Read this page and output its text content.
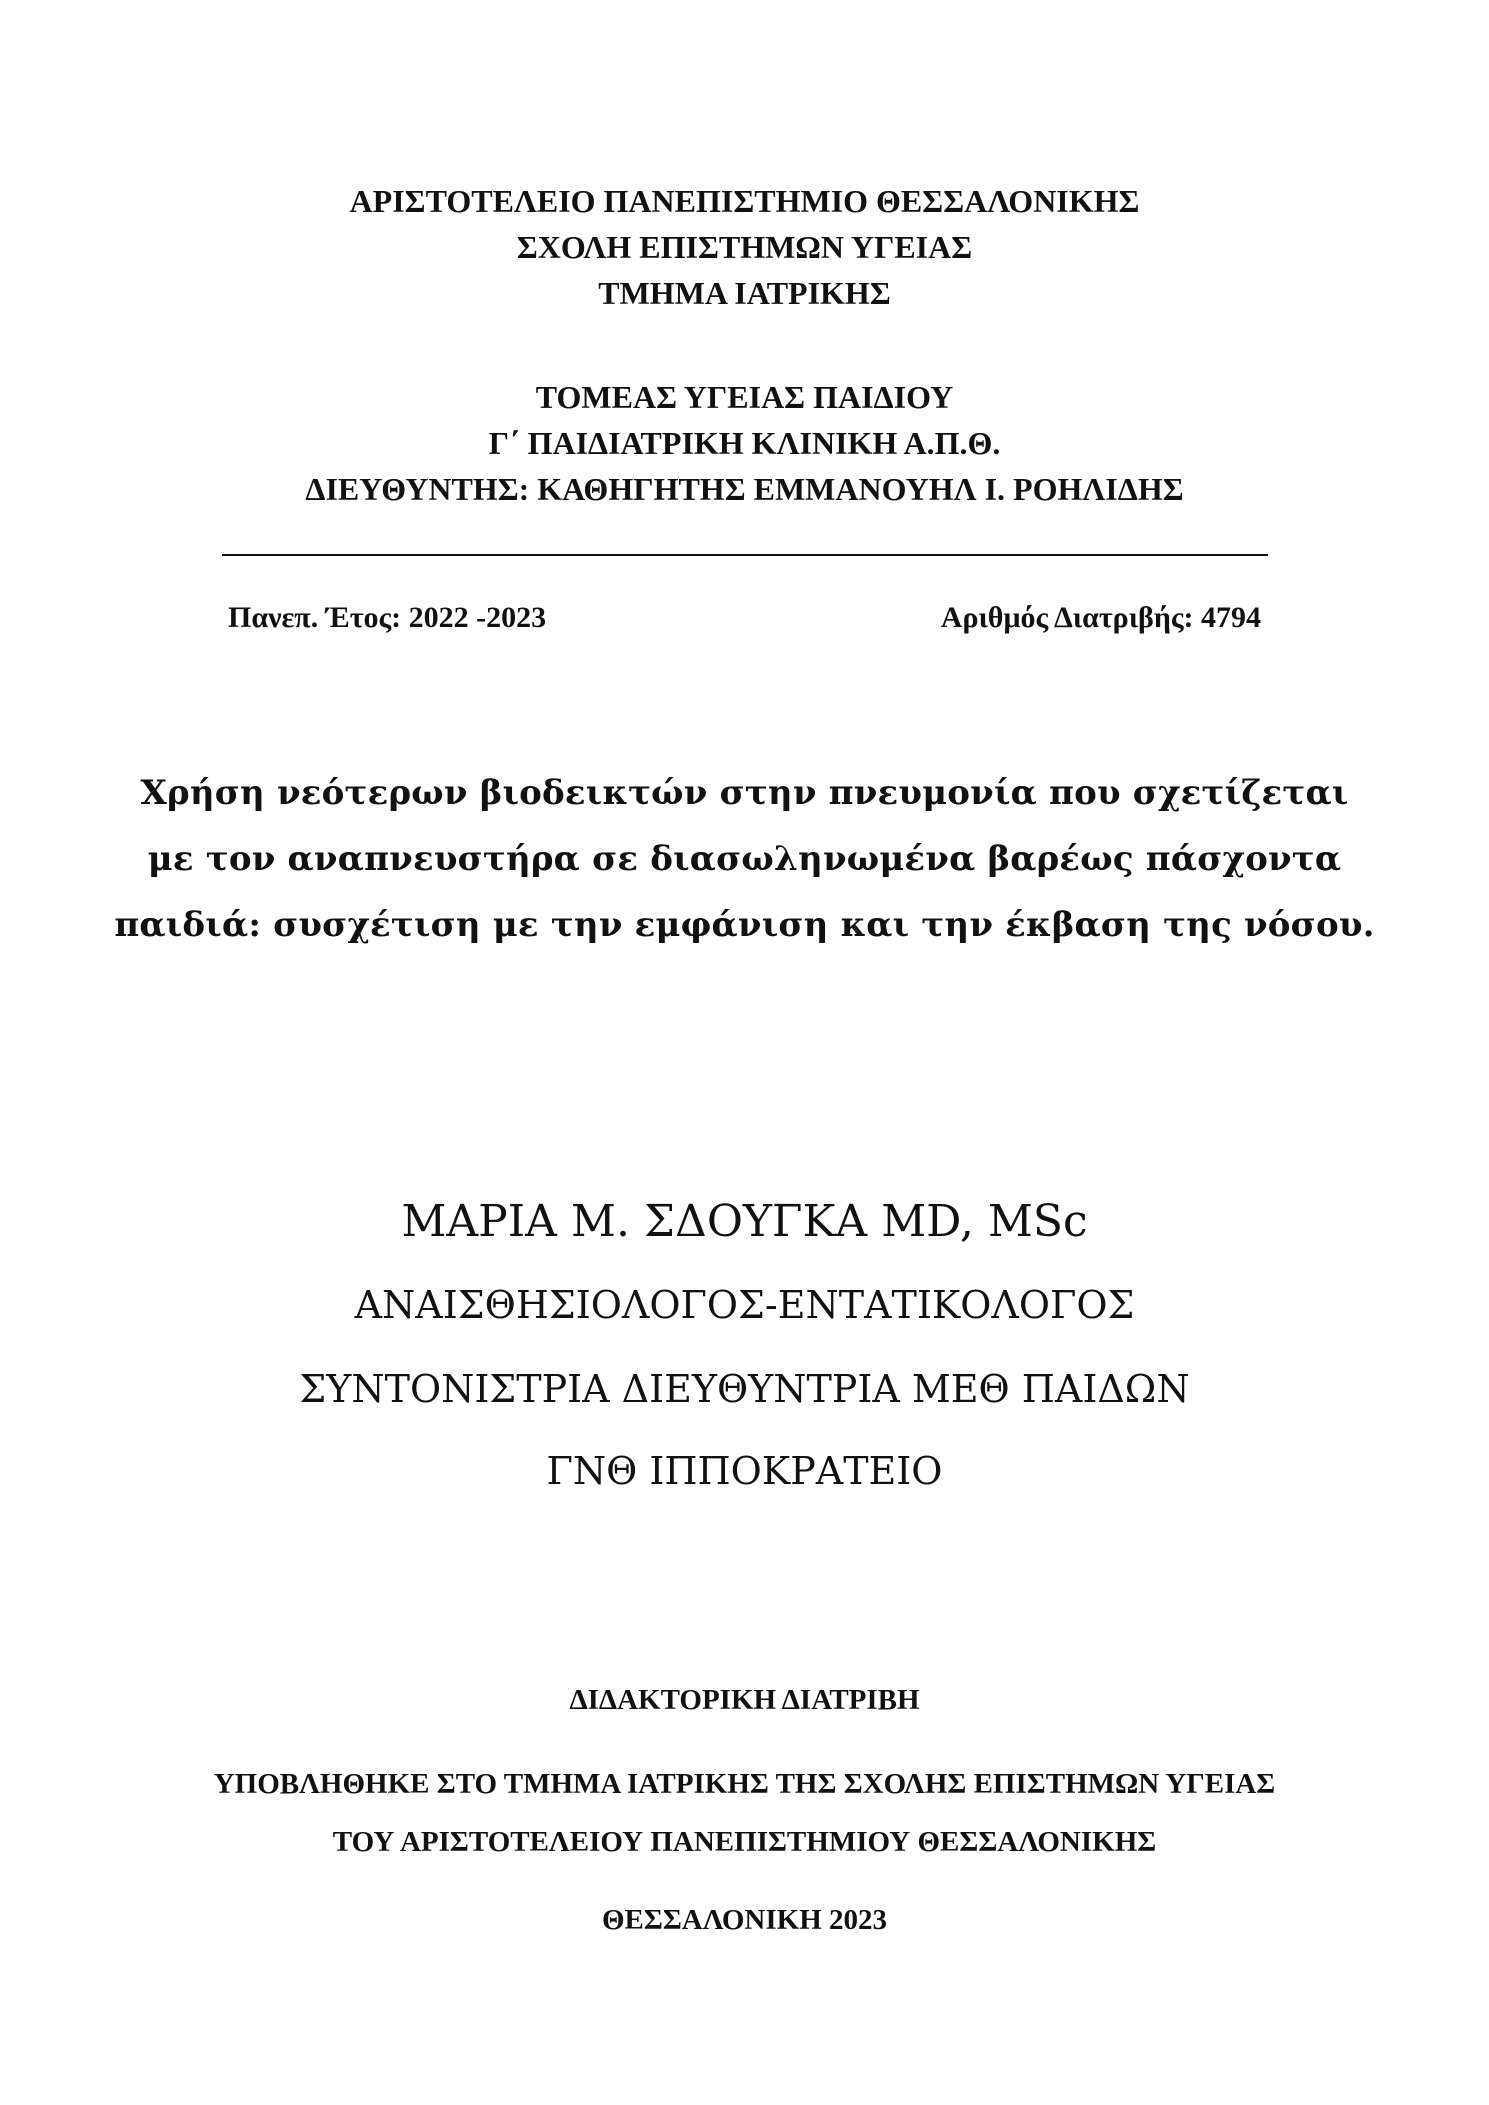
ΑΡΙΣΤΟΤΕΛΕΙΟ ΠΑΝΕΠΙΣΤΗΜΙΟ ΘΕΣΣΑΛΟΝΙΚΗΣ
ΣΧΟΛΗ ΕΠΙΣΤΗΜΩΝ ΥΓΕΙΑΣ
ΤΜΗΜΑ ΙΑΤΡΙΚΗΣ
ΤΟΜΕΑΣ ΥΓΕΙΑΣ ΠΑΙΔΙΟΥ
Γ΄ ΠΑΙΔΙΑΤΡΙΚΗ ΚΛΙΝΙΚΗ Α.Π.Θ.
ΔΙΕΥΘΥΝΤΗΣ: ΚΑΘΗΓΗΤΗΣ ΕΜΜΑΝΟΥΗΛ Ι. ΡΟΗΛΙΔΗΣ
Πανεπ. Έτος: 2022 -2023	Αριθμός Διατριβής: 4794
Χρήση νεότερων βιοδεικτών στην πνευμονία που σχετίζεται
με τον αναπνευστήρα σε διασωληνωμένα βαρέως πάσχοντα
παιδιά: συσχέτιση με την εμφάνιση και την έκβαση της νόσου.
ΜΑΡΙΑ Μ. ΣΔΟΥΓΚΑ MD, MSc
ΑΝΑΙΣΘΗΣΙΟΛΟΓΟΣ-ΕΝΤΑΤΙΚΟΛΟΓΟΣ
ΣΥΝΤΟΝΙΣΤΡΙΑ ΔΙΕΥΘΥΝΤΡΙΑ ΜΕΘ ΠΑΙΔΩΝ
ΓΝΘ ΙΠΠΟΚΡΑΤΕΙΟ
ΔΙΔΑΚΤΟΡΙΚΗ ΔΙΑΤΡΙΒΗ
ΥΠΟΒΛΗΘΗΚΕ ΣΤΟ ΤΜΗΜΑ ΙΑΤΡΙΚΗΣ ΤΗΣ ΣΧΟΛΗΣ ΕΠΙΣΤΗΜΩΝ ΥΓΕΙΑΣ
ΤΟΥ ΑΡΙΣΤΟΤΕΛΕΙΟΥ ΠΑΝΕΠΙΣΤΗΜΙΟΥ ΘΕΣΣΑΛΟΝΙΚΗΣ
ΘΕΣΣΑΛΟΝΙΚΗ 2023
